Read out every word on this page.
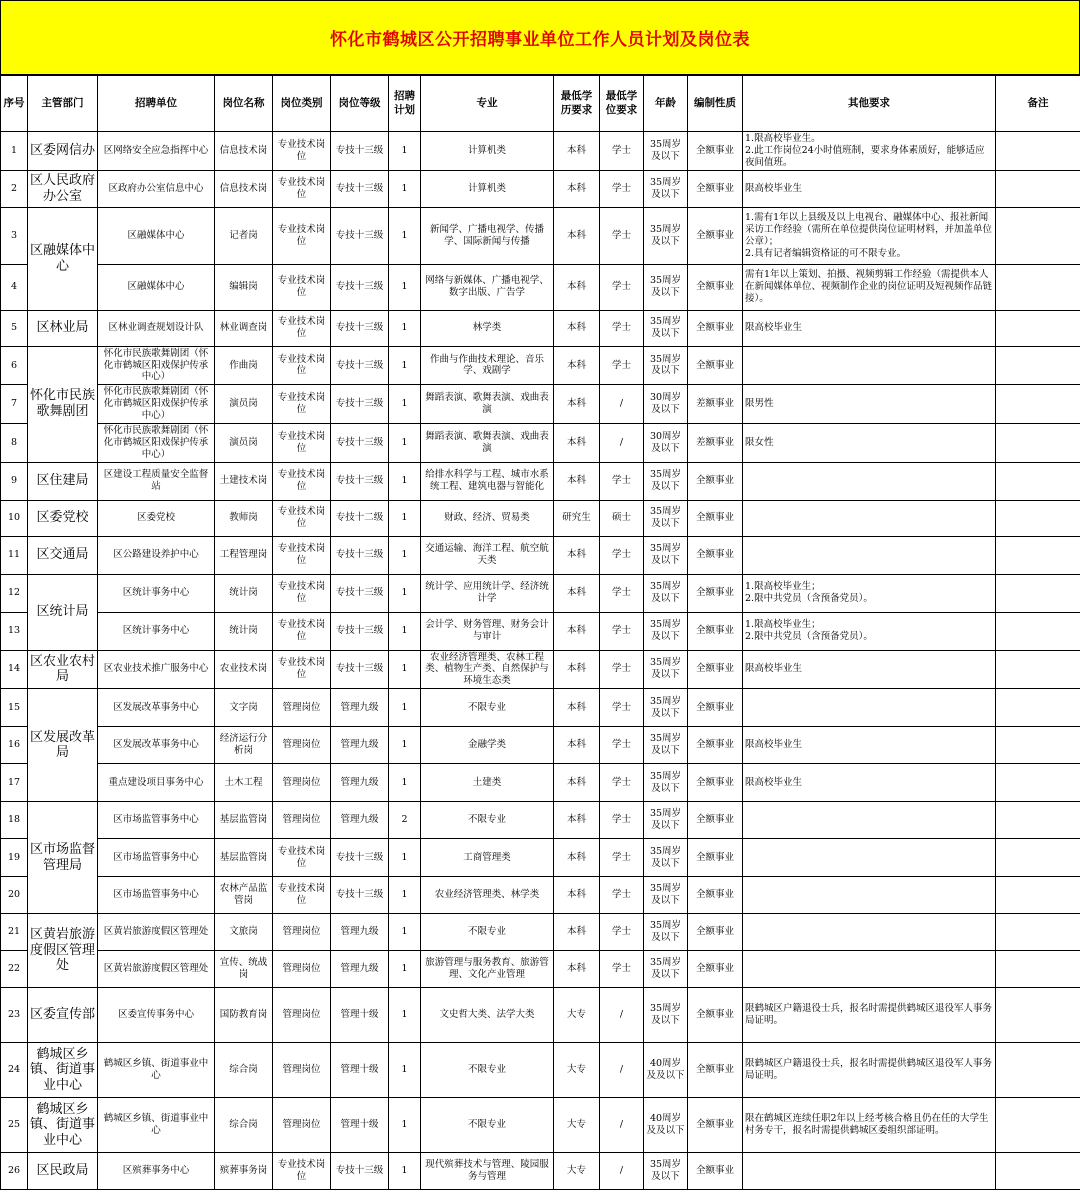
怀化市鹤城区公开招聘事业单位工作人员计划及岗位表
序号	主管部门	招聘单位	岗位名称	岗位类别	岗位等级	招聘计划	专业	最低学历要求	最低学位要求	年龄	编制性质	其他要求	备注
1	区委网信办	区网络安全应急指挥中心	信息技术岗	专业技术岗位	专技十三级	1	计算机类	本科	学士	35周岁及以下	全额事业	1.限高校毕业生。
2.此工作岗位24小时值班制，要求身体素质好，能够适应夜间值班。	
2	区人民政府办公室	区政府办公室信息中心	信息技术岗	专业技术岗位	专技十三级	1	计算机类	本科	学士	35周岁及以下	全额事业	限高校毕业生	
3	区融媒体中心	区融媒体中心	记者岗	专业技术岗位	专技十三级	1	新闻学、广播电视学、传播学、国际新闻与传播	本科	学士	35周岁及以下	全额事业	1.需有1年以上县级及以上电视台、融媒体中心、报社新闻采访工作经验（需所在单位提供岗位证明材料，并加盖单位公章）；
2.具有记者编辑资格证的可不限专业。	
4		区融媒体中心	编辑岗	专业技术岗位	专技十三级	1	网络与新媒体、广播电视学、数字出版、广告学	本科	学士	35周岁及以下	全额事业	需有1年以上策划、拍摄、视频剪辑工作经验（需提供本人在新闻媒体单位、视频制作企业的岗位证明及短视频作品链接）。	
5	区林业局	区林业调查规划设计队	林业调查岗	专业技术岗位	专技十三级	1	林学类	本科	学士	35周岁及以下	全额事业	限高校毕业生	
6	怀化市民族歌舞剧团	怀化市民族歌舞剧团（怀化市鹤城区阳戏保护传承中心）	作曲岗	专业技术岗位	专技十三级	1	作曲与作曲技术理论、音乐学、戏剧学	本科	学士	35周岁及以下	全额事业		
7		怀化市民族歌舞剧团（怀化市鹤城区阳戏保护传承中心）	演员岗	专业技术岗位	专技十三级	1	舞蹈表演、歌舞表演、戏曲表演	本科	/	30周岁及以下	差额事业	限男性	
8		怀化市民族歌舞剧团（怀化市鹤城区阳戏保护传承中心）	演员岗	专业技术岗位	专技十三级	1	舞蹈表演、歌舞表演、戏曲表演	本科	/	30周岁及以下	差额事业	限女性	
9	区住建局	区建设工程质量安全监督站	土建技术岗	专业技术岗位	专技十三级	1	给排水科学与工程、城市水系统工程、建筑电器与智能化	本科	学士	35周岁及以下	全额事业		
10	区委党校	区委党校	教师岗	专业技术岗位	专技十二级	1	财政、经济、贸易类	研究生	硕士	35周岁及以下	全额事业		
11	区交通局	区公路建设养护中心	工程管理岗	专业技术岗位	专技十三级	1	交通运输、海洋工程、航空航天类	本科	学士	35周岁及以下	全额事业		
12	区统计局	区统计事务中心	统计岗	专业技术岗位	专技十三级	1	统计学、应用统计学、经济统计学	本科	学士	35周岁及以下	全额事业	1.限高校毕业生；
2.限中共党员（含预备党员）。	
13		区统计事务中心	统计岗	专业技术岗位	专技十三级	1	会计学、财务管理、财务会计与审计	本科	学士	35周岁及以下	全额事业	1.限高校毕业生；
2.限中共党员（含预备党员）。	
14	区农业农村局	区农业技术推广服务中心	农业技术岗	专业技术岗位	专技十三级	1	农业经济管理类、农林工程类、植物生产类、自然保护与环境生态类	本科	学士	35周岁及以下	全额事业	限高校毕业生	
15	区发展改革局	区发展改革事务中心	文字岗	管理岗位	管理九级	1	不限专业	本科	学士	35周岁及以下	全额事业		
16		区发展改革事务中心	经济运行分析岗	管理岗位	管理九级	1	金融学类	本科	学士	35周岁及以下	全额事业	限高校毕业生	
17		重点建设项目事务中心	土木工程	管理岗位	管理九级	1	土建类	本科	学士	35周岁及以下	全额事业	限高校毕业生	
18	区市场监督管理局	区市场监管事务中心	基层监管岗	管理岗位	管理九级	2	不限专业	本科	学士	35周岁及以下	全额事业		
19		区市场监管事务中心	基层监管岗	专业技术岗位	专技十三级	1	工商管理类	本科	学士	35周岁及以下	全额事业		
20		区市场监管事务中心	农林产品监管岗	专业技术岗位	专技十三级	1	农业经济管理类、林学类	本科	学士	35周岁及以下	全额事业		
21	区黄岩旅游度假区管理处	区黄岩旅游度假区管理处	文旅岗	管理岗位	管理九级	1	不限专业	本科	学士	35周岁及以下	全额事业		
22		区黄岩旅游度假区管理处	宣传、统战岗	管理岗位	管理九级	1	旅游管理与服务教育、旅游管理、文化产业管理	本科	学士	35周岁及以下	全额事业		
23	区委宣传部	区委宣传事务中心	国防教育岗	管理岗位	管理十级	1	文史哲大类、法学大类	大专	/	35周岁及以下	全额事业	限鹤城区户籍退役士兵，报名时需提供鹤城区退役军人事务局证明。	
24	鹤城区乡镇、街道事业中心	鹤城区乡镇、街道事业中心	综合岗	管理岗位	管理十级	1	不限专业	大专	/	40周岁及及以下	全额事业	限鹤城区户籍退役士兵，报名时需提供鹤城区退役军人事务局证明。	
25	鹤城区乡镇、街道事业中心	鹤城区乡镇、街道事业中心	综合岗	管理岗位	管理十级	1	不限专业	大专	/	40周岁及及以下	全额事业	限在鹤城区连续任职2年以上经考核合格且仍在任的大学生村务专干，报名时需提供鹤城区委组织部证明。	
26	区民政局	区殡葬事务中心	殡葬事务岗	专业技术岗位	专技十三级	1	现代殡葬技术与管理、陵园服务与管理	大专	/	35周岁及以下	全额事业		
